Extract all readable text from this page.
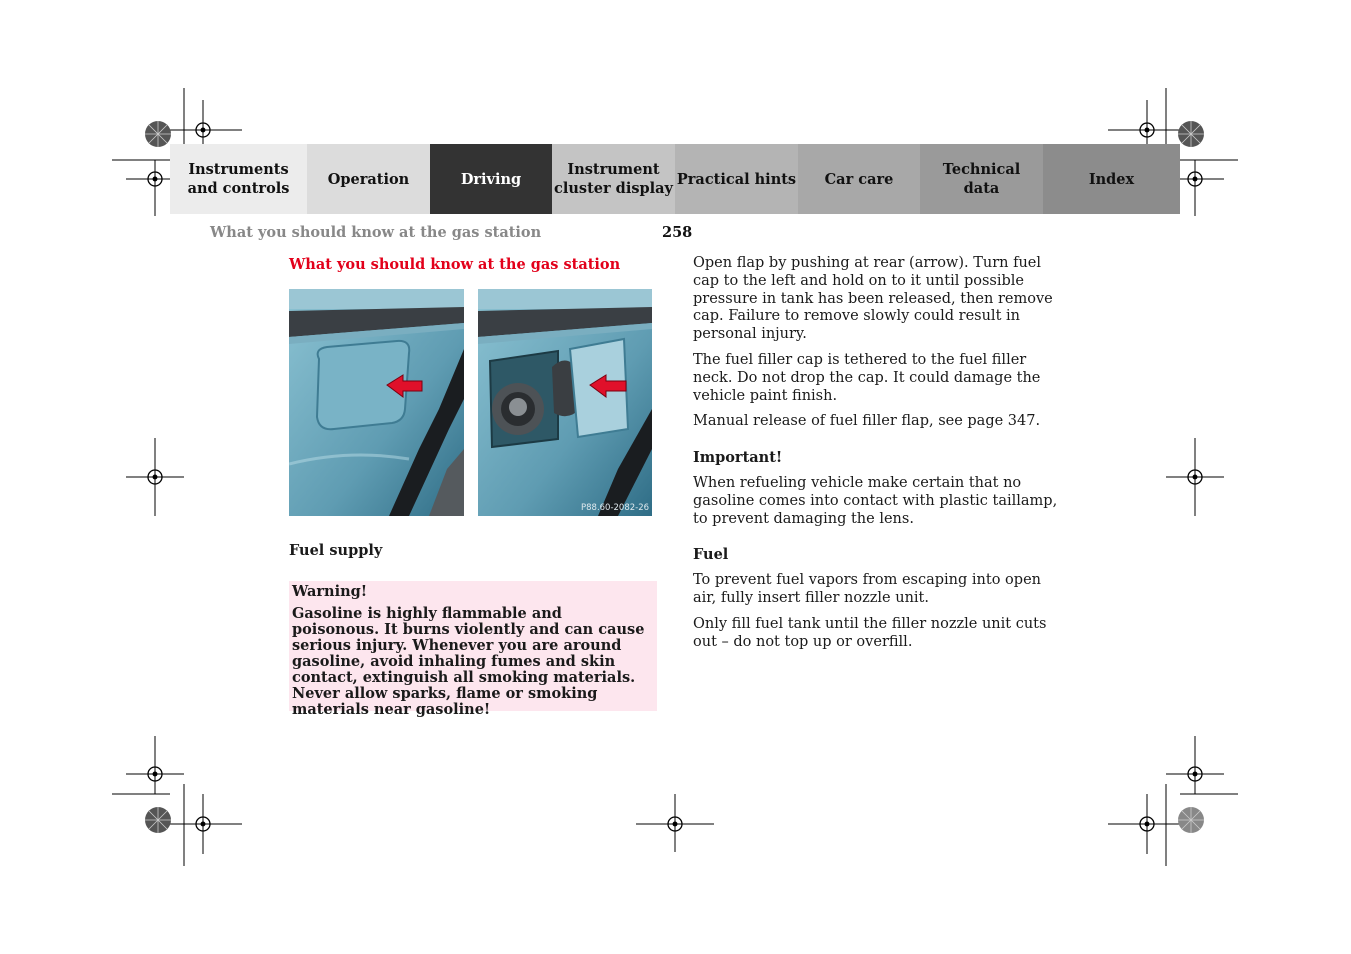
Instruments
and controls
Operation	Driving
Instrument
cluster display
Practical hints	Car care
Technical
data
Index
What you should know at the gas station	258
What you should know at the gas station
P88.60-2082-26
Fuel supply
Warning!
Gasoline is highly flammable and poisonous. It burns violently and can cause serious injury. Whenever you are around gasoline, avoid inhaling fumes and skin contact, extinguish all smoking materials. Never allow sparks, flame or smoking materials near gasoline!

Open flap by pushing at rear (arrow). Turn fuel cap to the left and hold on to it until possible pressure in tank has been released, then remove cap. Failure to remove slowly could result in personal injury.

The fuel filler cap is tethered to the fuel filler neck. Do not drop the cap. It could damage the vehicle paint finish.

Manual release of fuel filler flap, see page 347.

Important!

When refueling vehicle make certain that no gasoline comes into contact with plastic taillamp, to prevent damaging the lens.

Fuel

To prevent fuel vapors from escaping into open air, fully insert filler nozzle unit.

Only fill fuel tank until the filler nozzle unit cuts out – do not top up or overfill.
